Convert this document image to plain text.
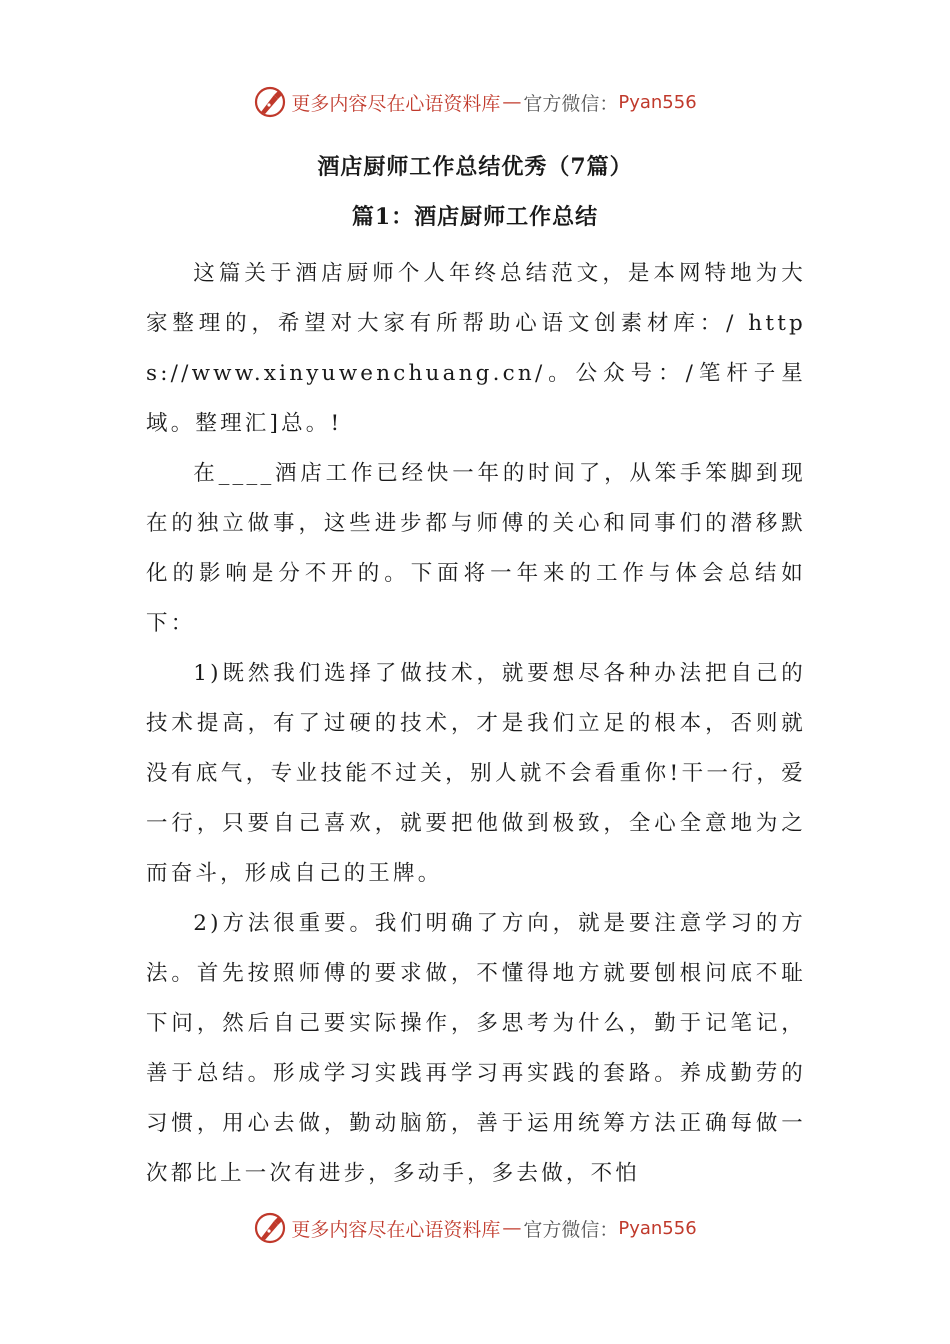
更多内容尽在心语资料库 — 官方微信： Pyan556
酒店厨师工作总结优秀（7篇）
篇1：酒店厨师工作总结

这篇关于酒店厨师个人年终总结范文，是本网特地为大家整理的，希望对大家有所帮助心语文创素材库：/ https://www.xinyuwenchuang.cn/。公众号：/笔杆子星域。整理汇]总。!

在____酒店工作已经快一年的时间了，从笨手笨脚到现在的独立做事，这些进步都与师傅的关心和同事们的潜移默化的影响是分不开的。下面将一年来的工作与体会总结如下：

1)既然我们选择了做技术，就要想尽各种办法把自己的技术提高，有了过硬的技术，才是我们立足的根本，否则就没有底气，专业技能不过关，别人就不会看重你!干一行，爱一行，只要自己喜欢，就要把他做到极致，全心全意地为之而奋斗，形成自己的王牌。

2)方法很重要。我们明确了方向，就是要注意学习的方法。首先按照师傅的要求做，不懂得地方就要刨根问底不耻下问，然后自己要实际操作，多思考为什么，勤于记笔记，善于总结。形成学习实践再学习再实践的套路。养成勤劳的习惯，用心去做，勤动脑筋，善于运用统筹方法正确每做一次都比上一次有进步，多动手，多去做，不怕

更多内容尽在心语资料库 — 官方微信： Pyan556
